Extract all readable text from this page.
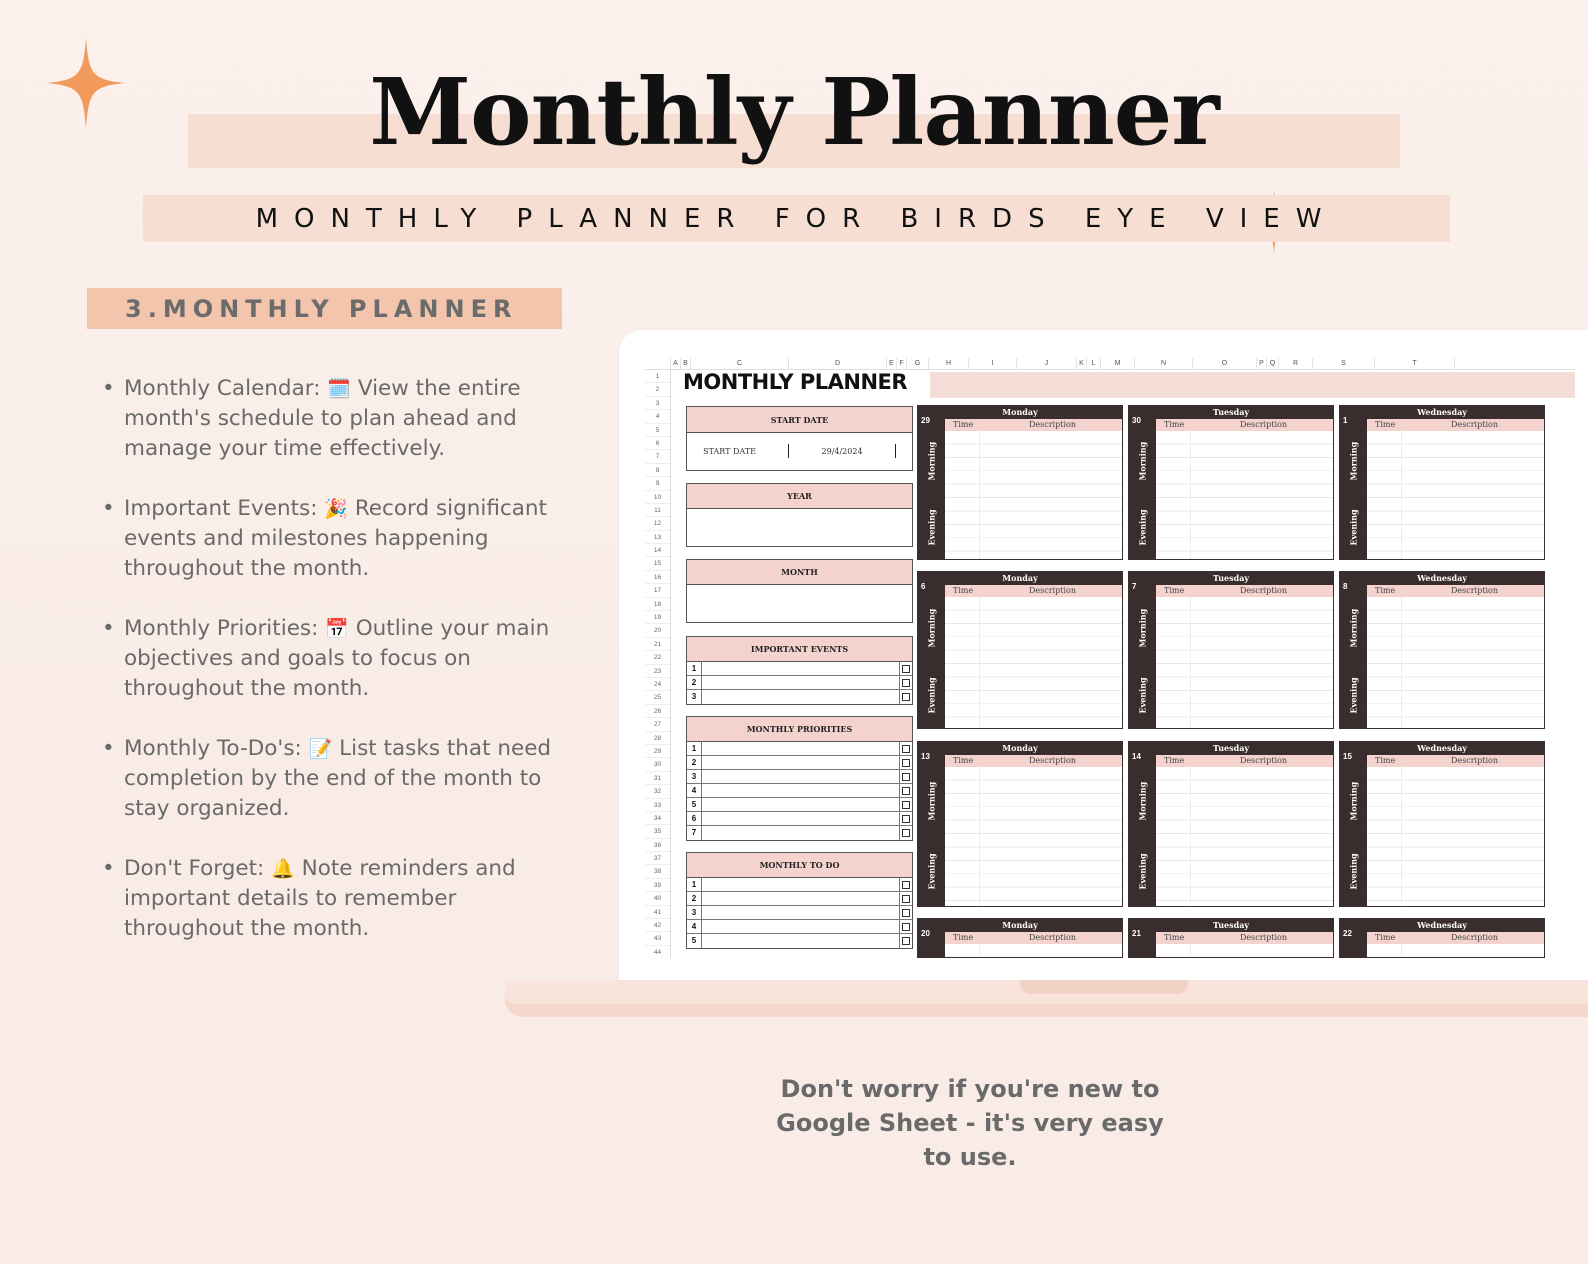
Monthly Planner
MONTHLY PLANNER FOR BIRDS EYE VIEW
3.MONTHLY PLANNER
• Monthly Calendar: 🗓️ View the entire month's schedule to plan ahead and manage your time effectively.
• Important Events: 🎉 Record significant events and milestones happening throughout the month.
• Monthly Priorities: 📅 Outline your main objectives and goals to focus on throughout the month.
• Monthly To-Do's: 📝 List tasks that need completion by the end of the month to stay organized.
• Don't Forget: 🔔 Note reminders and important details to remember throughout the month.
A B	C	D	E F	G	H	I	J	K	L	M	N	O	P Q	R	S	T
1
2
3
4
5
6
7
8
9
10
11
12
13
14
15
16
17
18
19
20
21
22
23
24
25
26
27
28
29
30
31
32
33
34
35
36
37
38
39
40
41
42
43
44
MONTHLY PLANNER
START DATE
START DATE	29/4/2024
YEAR
MONTH
IMPORTANT EVENTS
1
2
3
MONTHLY PRIORITIES
1
2
3
4
5
6
7
MONTHLY TO DO
1
2
3
4
5
Monday
29	Time	Description
Morning
Evening
Tuesday
30	Time	Description
Morning
Evening
Wednesday
1	Time	Description
Morning
Evening
Monday
6	Time	Description
Morning
Evening
Tuesday
7	Time	Description
Morning
Evening
Wednesday
8	Time	Description
Morning
Evening
Monday
13	Time	Description
Morning
Evening
Tuesday
14	Time	Description
Morning
Evening
Wednesday
15	Time	Description
Morning
Evening
Monday
20	Time	Description
Tuesday
21	Time	Description
Wednesday
22	Time	Description
Don't worry if you're new to Google Sheet - it's very easy to use.
